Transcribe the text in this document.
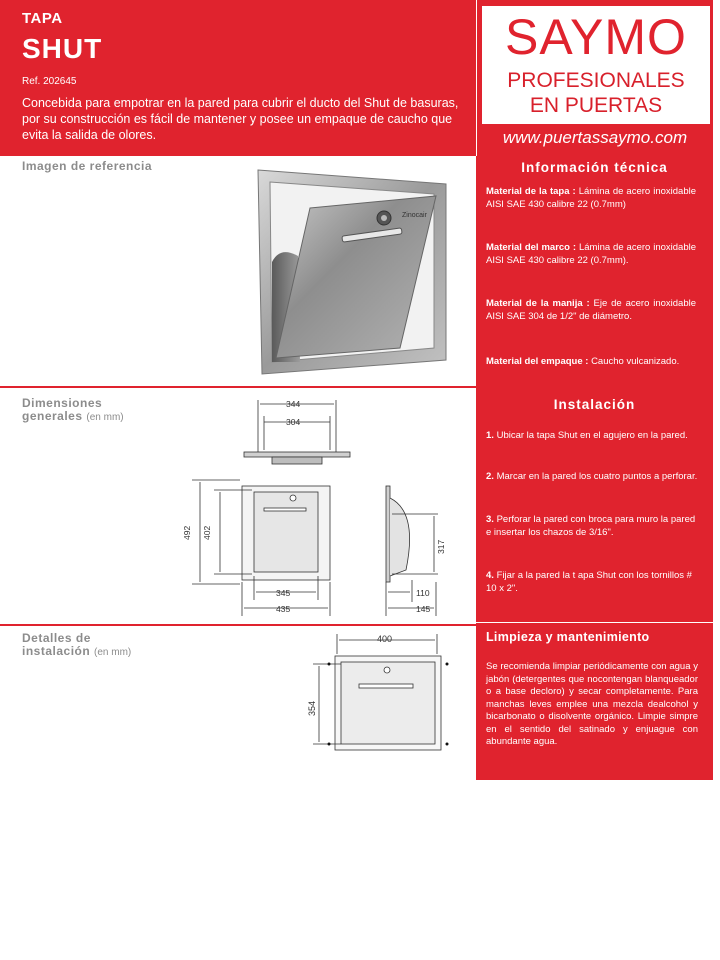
TAPA
SHUT
Ref. 202645
Concebida para empotrar en la pared para cubrir el ducto del Shut de basuras, por su construcción es fácil de mantener y posee un empaque de caucho que evita la salida de olores.
SAYMO
PROFESIONALES
EN PUERTAS
www.puertassaymo.com
Imagen de referencia
Zinocair
Dimensiones
generales (en mm)
344
304
492 402
345
435
317
110
145
Detalles de
instalación (en mm)
400
354
Información técnica
Material de la tapa : Lámina de acero inoxidable AISI SAE 430 calibre 22 (0.7mm)
Material del marco : Lámina de acero inoxidable AISI SAE 430 calibre 22 (0.7mm).
Material de la manija : Eje de acero inoxidable AISI SAE 304 de 1/2" de diámetro.
Material del empaque : Caucho vulcanizado.
Instalación
1. Ubicar la tapa Shut en el agujero en la pared.
2. Marcar en la pared los cuatro puntos a perforar.
3. Perforar la pared con broca para muro la pared e insertar los chazos de 3/16".
4. Fijar a la pared la t apa Shut con los tornillos # 10 x 2".
Limpieza y mantenimiento
Se recomienda limpiar periódicamente con agua y jabón (detergentes que nocontengan blanqueador o a base decloro) y secar completamente. Para manchas leves emplee una mezcla dealcohol y bicarbonato o disolvente orgánico. Limpie simpre en el sentido del satinado y enjuague con abundante agua.
